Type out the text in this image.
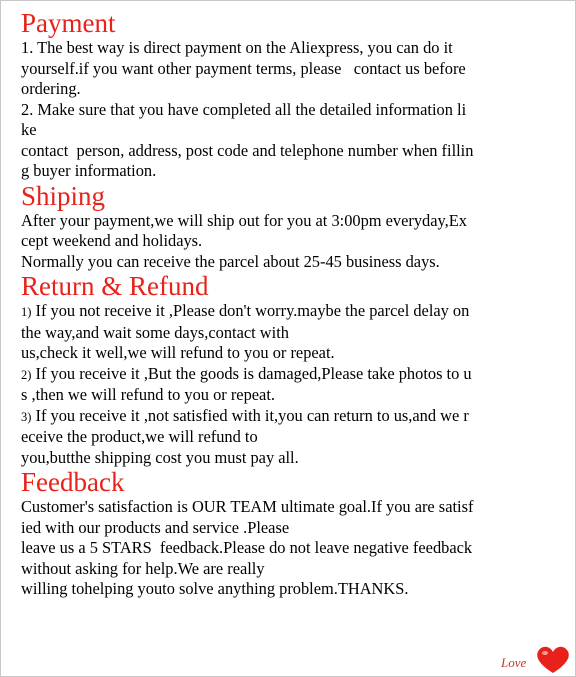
Payment

1. The best way is direct payment on the Aliexpress, you can do it
yourself.if you want other payment terms, please   contact us before
ordering.
2. Make sure that you have completed all the detailed information li
ke
contact  person, address, post code and telephone number when fillin
g buyer information.

Shiping

After your payment,we will ship out for you at 3:00pm everyday,Ex
cept weekend and holidays.
Normally you can receive the parcel about 25-45 business days.

Return & Refund

1) If you not receive it ,Please don't worry.maybe the parcel delay on
the way,and wait some days,contact with
us,check it well,we will refund to you or repeat.
2) If you receive it ,But the goods is damaged,Please take photos to u
s ,then we will refund to you or repeat.
3) If you receive it ,not satisfied with it,you can return to us,and we r
eceive the product,we will refund to
you,butthe shipping cost you must pay all.

Feedback

Customer's satisfaction is OUR TEAM ultimate goal.If you are satisf
ied with our products and service .Please
leave us a 5 STARS  feedback.Please do not leave negative feedback
without asking for help.We are really
willing tohelping youto solve anything problem.THANKS.

Love
